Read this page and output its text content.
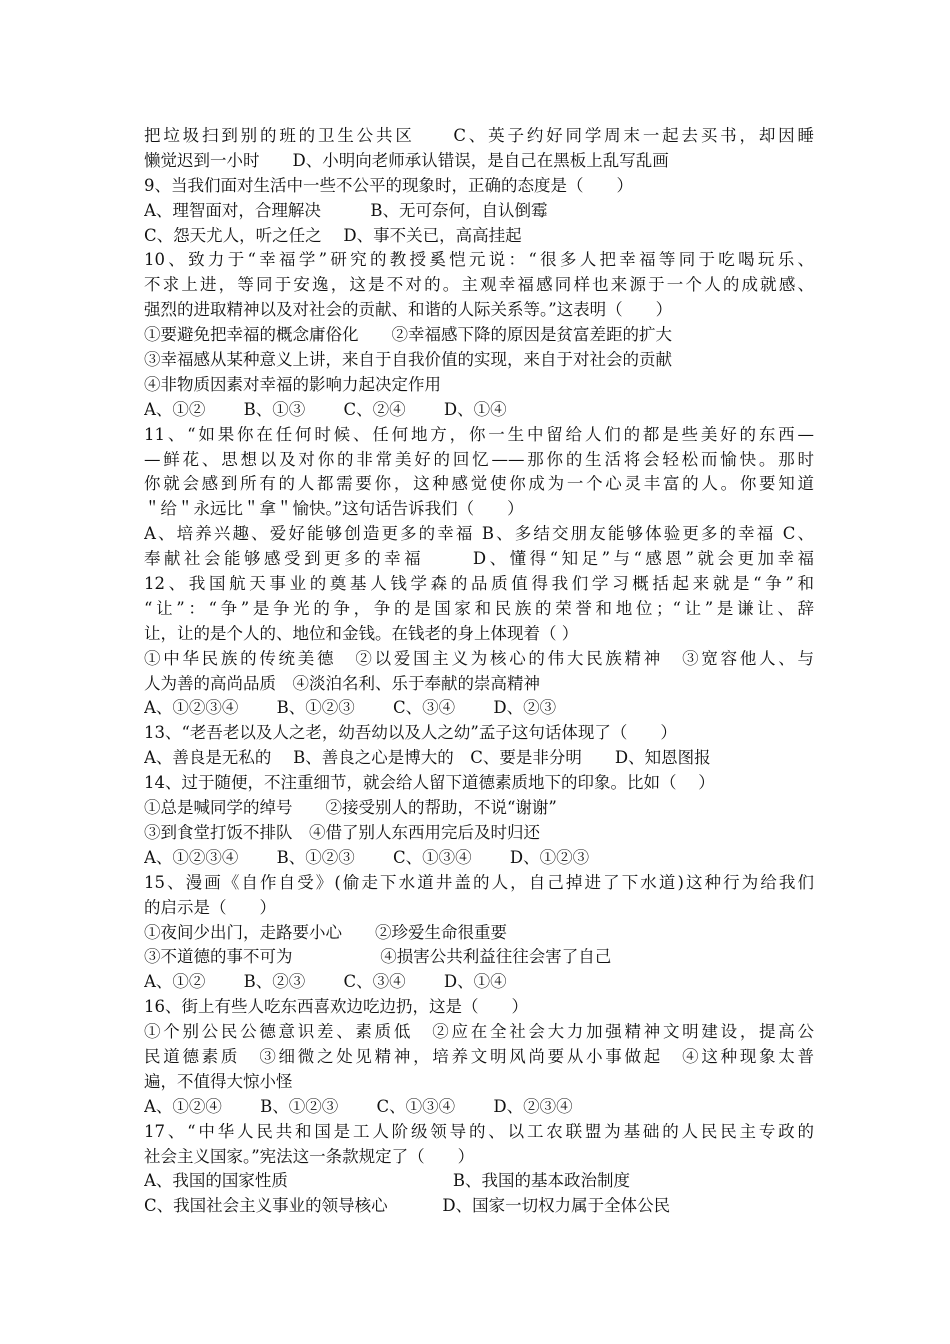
把垃圾扫到别的班的卫生公共区　　C、英子约好同学周末一起去买书，却因睡
懒觉迟到一小时　　D、小明向老师承认错误，是自己在黑板上乱写乱画
9、当我们面对生活中一些不公平的现象时，正确的态度是（　　）
A、理智面对，合理解决　　　B、无可奈何，自认倒霉
C、怨天尤人，听之任之　 D、事不关已，高高挂起
10、致力于“幸福学”研究的教授奚恺元说：“很多人把幸福等同于吃喝玩乐、
不求上进，等同于安逸，这是不对的。主观幸福感同样也来源于一个人的成就感、
强烈的进取精神以及对社会的贡献、和谐的人际关系等。”这表明（　　）
①要避免把幸福的概念庸俗化　　②幸福感下降的原因是贫富差距的扩大
③幸福感从某种意义上讲，来自于自我价值的实现，来自于对社会的贡献
④非物质因素对幸福的影响力起决定作用
A、①②　　 B、①③　　 C、②④　　 D、①④
11、“如果你在任何时候、任何地方，你一生中留给人们的都是些美好的东西—
—鲜花、思想以及对你的非常美好的回忆——那你的生活将会轻松而愉快。那时
你就会感到所有的人都需要你，这种感觉使你成为一个心灵丰富的人。你要知道
＂给＂永远比＂拿＂愉快。”这句话告诉我们（　　）
A、培养兴趣、爱好能够创造更多的幸福 B、多结交朋友能够体验更多的幸福 C、
奉献社会能够感受到更多的幸福　　 D、懂得“知足”与“感恩”就会更加幸福
12、我国航天事业的奠基人钱学森的品质值得我们学习概括起来就是“争”和
“让”：“争”是争光的争，争的是国家和民族的荣誉和地位；“让”是谦让、辞
让，让的是个人的、地位和金钱。在钱老的身上体现着（ ）
①中华民族的传统美德　②以爱国主义为核心的伟大民族精神　③宽容他人、与
人为善的高尚品质　④淡泊名利、乐于奉献的崇高精神
A、①②③④　　 B、①②③　　 C、③④　　 D、②③
13、“老吾老以及人之老，幼吾幼以及人之幼”孟子这句话体现了（　　）
A、善良是无私的　 B、善良之心是博大的　C、要是非分明　　D、知恩图报
14、过于随便，不注重细节，就会给人留下道德素质地下的印象。比如（　 ）
①总是喊同学的绰号　　②接受别人的帮助，不说“谢谢”
③到食堂打饭不排队　④借了别人东西用完后及时归还
A、①②③④　　 B、①②③　　 C、①③④　　 D、①②③
15、漫画《自作自受》(偷走下水道井盖的人，自己掉进了下水道)这种行为给我们
的启示是（　　）
①夜间少出门，走路要小心　　②珍爱生命很重要
③不道德的事不可为　　　　　 ④损害公共利益往往会害了自己
A、①②　　 B、②③　　 C、③④　　 D、①④
16、街上有些人吃东西喜欢边吃边扔，这是（　　）
①个别公民公德意识差、素质低　②应在全社会大力加强精神文明建设，提高公
民道德素质　③细微之处见精神，培养文明风尚要从小事做起　④这种现象太普
遍，不值得大惊小怪
A、①②④　　 B、①②③　　 C、①③④　　 D、②③④
17、“中华人民共和国是工人阶级领导的、以工农联盟为基础的人民民主专政的
社会主义国家。”宪法这一条款规定了（　　）
A、我国的国家性质　　　　　　　　　　B、我国的基本政治制度
C、我国社会主义事业的领导核心　　　 D、国家一切权力属于全体公民
